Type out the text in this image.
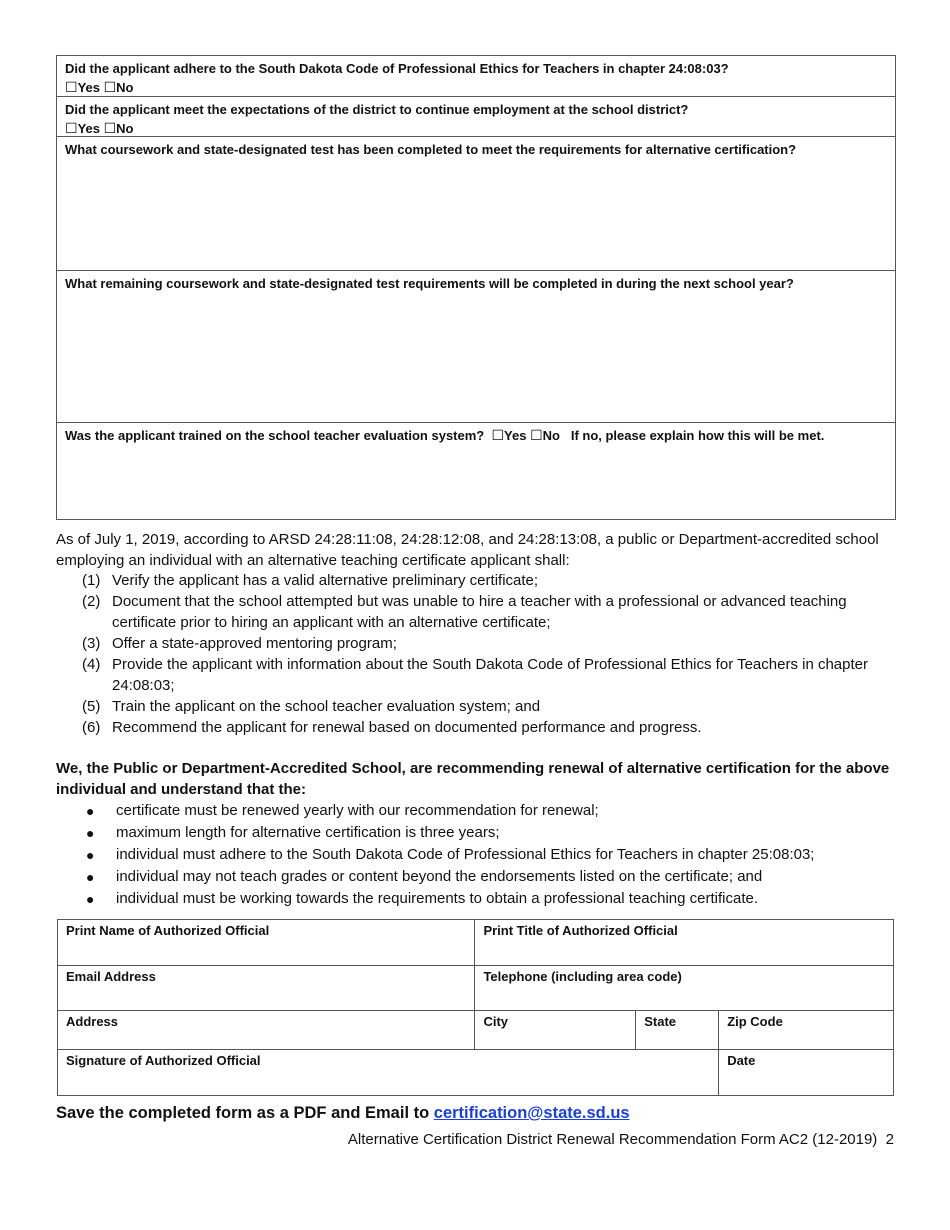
Did the applicant adhere to the South Dakota Code of Professional Ethics for Teachers in chapter 24:08:03?
☐Yes ☐No
Did the applicant meet the expectations of the district to continue employment at the school district?
☐Yes ☐No
What coursework and state-designated test has been completed to meet the requirements for alternative certification?
What remaining coursework and state-designated test requirements will be completed in during the next school year?
Was the applicant trained on the school teacher evaluation system? ☐Yes ☐No If no, please explain how this will be met.
As of July 1, 2019, according to ARSD 24:28:11:08, 24:28:12:08, and 24:28:13:08, a public or Department-accredited school employing an individual with an alternative teaching certificate applicant shall:
(1) Verify the applicant has a valid alternative preliminary certificate;
(2) Document that the school attempted but was unable to hire a teacher with a professional or advanced teaching certificate prior to hiring an applicant with an alternative certificate;
(3) Offer a state-approved mentoring program;
(4) Provide the applicant with information about the South Dakota Code of Professional Ethics for Teachers in chapter 24:08:03;
(5) Train the applicant on the school teacher evaluation system; and
(6) Recommend the applicant for renewal based on documented performance and progress.
We, the Public or Department-Accredited School, are recommending renewal of alternative certification for the above individual and understand that the:
●	certificate must be renewed yearly with our recommendation for renewal;
●	maximum length for alternative certification is three years;
●	individual must adhere to the South Dakota Code of Professional Ethics for Teachers in chapter 25:08:03;
●	individual may not teach grades or content beyond the endorsements listed on the certificate; and
●	individual must be working towards the requirements to obtain a professional teaching certificate.
Print Name of Authorized Official	Print Title of Authorized Official		
Email Address	Telephone (including area code)		
Address	City	State	Zip Code
Signature of Authorized Official			Date
Save the completed form as a PDF and Email to certification@state.sd.us
Alternative Certification District Renewal Recommendation Form AC2 (12-2019) 2
